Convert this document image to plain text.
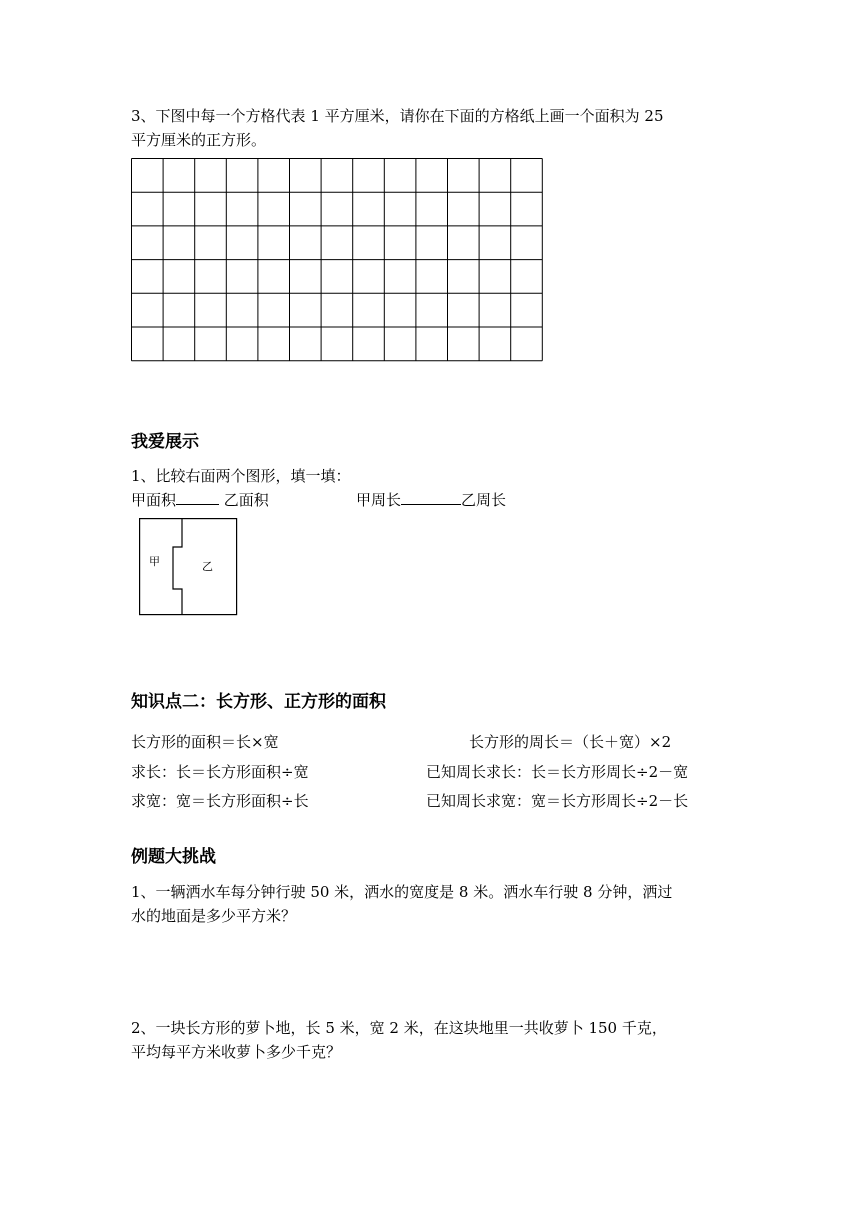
3、下图中每一个方格代表 1 平方厘米，请你在下面的方格纸上画一个面积为 25
平方厘米的正方形。
我爱展示
1、比较右面两个图形，填一填：
甲面积	乙面积	甲周长	乙周长
甲	乙
知识点二：长方形、正方形的面积
长方形的面积＝长×宽	长方形的周长＝（长＋宽）×2
求长：长＝长方形面积÷宽	已知周长求长：长＝长方形周长÷2－宽
求宽：宽＝长方形面积÷长	已知周长求宽：宽＝长方形周长÷2－长
例题大挑战
1、一辆洒水车每分钟行驶 50 米，洒水的宽度是 8 米。洒水车行驶 8 分钟，洒过
水的地面是多少平方米？
2、一块长方形的萝卜地，长 5 米，宽 2 米，在这块地里一共收萝卜 150 千克，
平均每平方米收萝卜多少千克？
